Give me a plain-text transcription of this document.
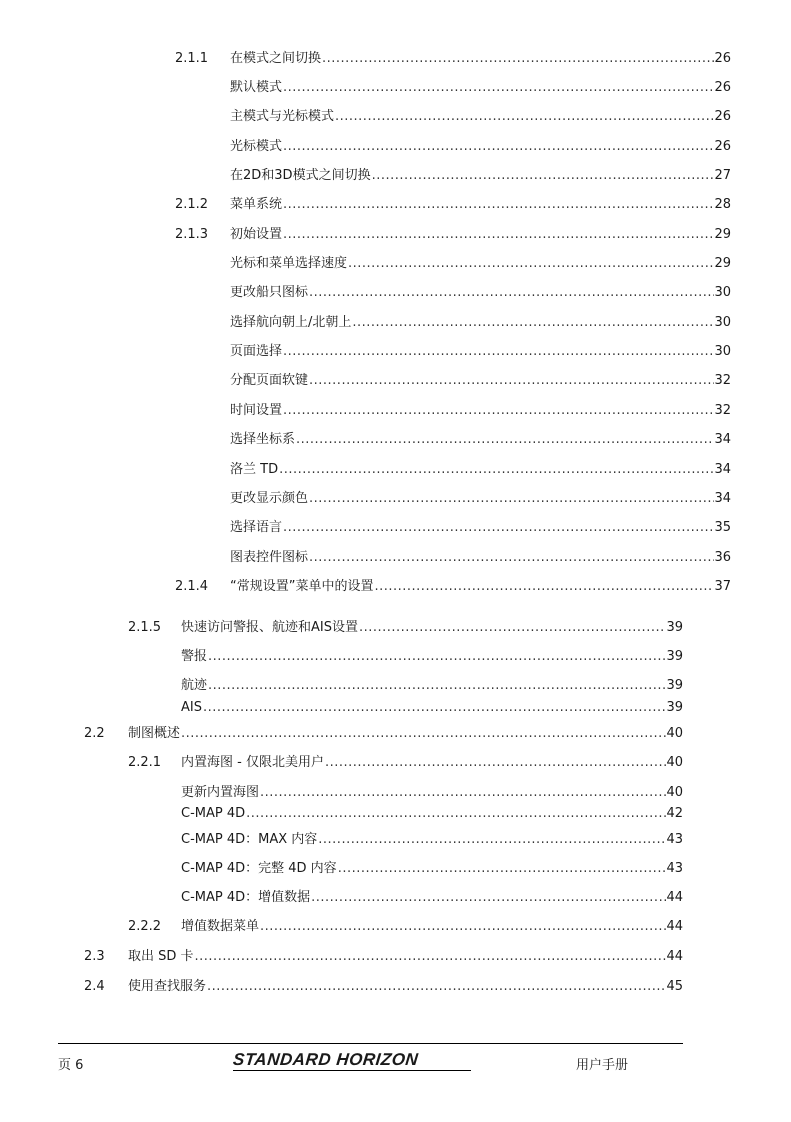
2.1.1 在模式之间切换 .....	26
默认模式 .....	26
主模式与光标模式 .....	26
光标模式 .....	26
在2D和3D模式之间切换 .....	27
2.1.2 菜单系统 .....	28
2.1.3 初始设置 .....	29
光标和菜单选择速度 .....	29
更改船只图标 .....	30
选择航向朝上/北朝上 .....	30
页面选择 .....	30
分配页面软键 .....	32
时间设置 .....	32
选择坐标系 .....	34
洛兰 TD .....	34
更改显示颜色 .....	34
选择语言 .....	35
图表控件图标 .....	36
2.1.4 “常规设置”菜单中的设置 .....	37
2.1.5 快速访问警报、航迹和AIS设置 .....	39
警报 .....	39
航迹 .....	39
AIS .....	39
2.2 制图概述 .....	40
2.2.1 内置海图 - 仅限北美用户 .....	40
更新内置海图 .....	40
C-MAP 4D .....	42
C-MAP 4D：MAX 内容 .....	43
C-MAP 4D：完整 4D 内容 .....	43
C-MAP 4D：增值数据 .....	44
2.2.2 增值数据菜单 .....	44
2.3 取出 SD 卡 .....	44
2.4 使用查找服务 .....	45
页 6	STANDARD HORIZON	用户手册
